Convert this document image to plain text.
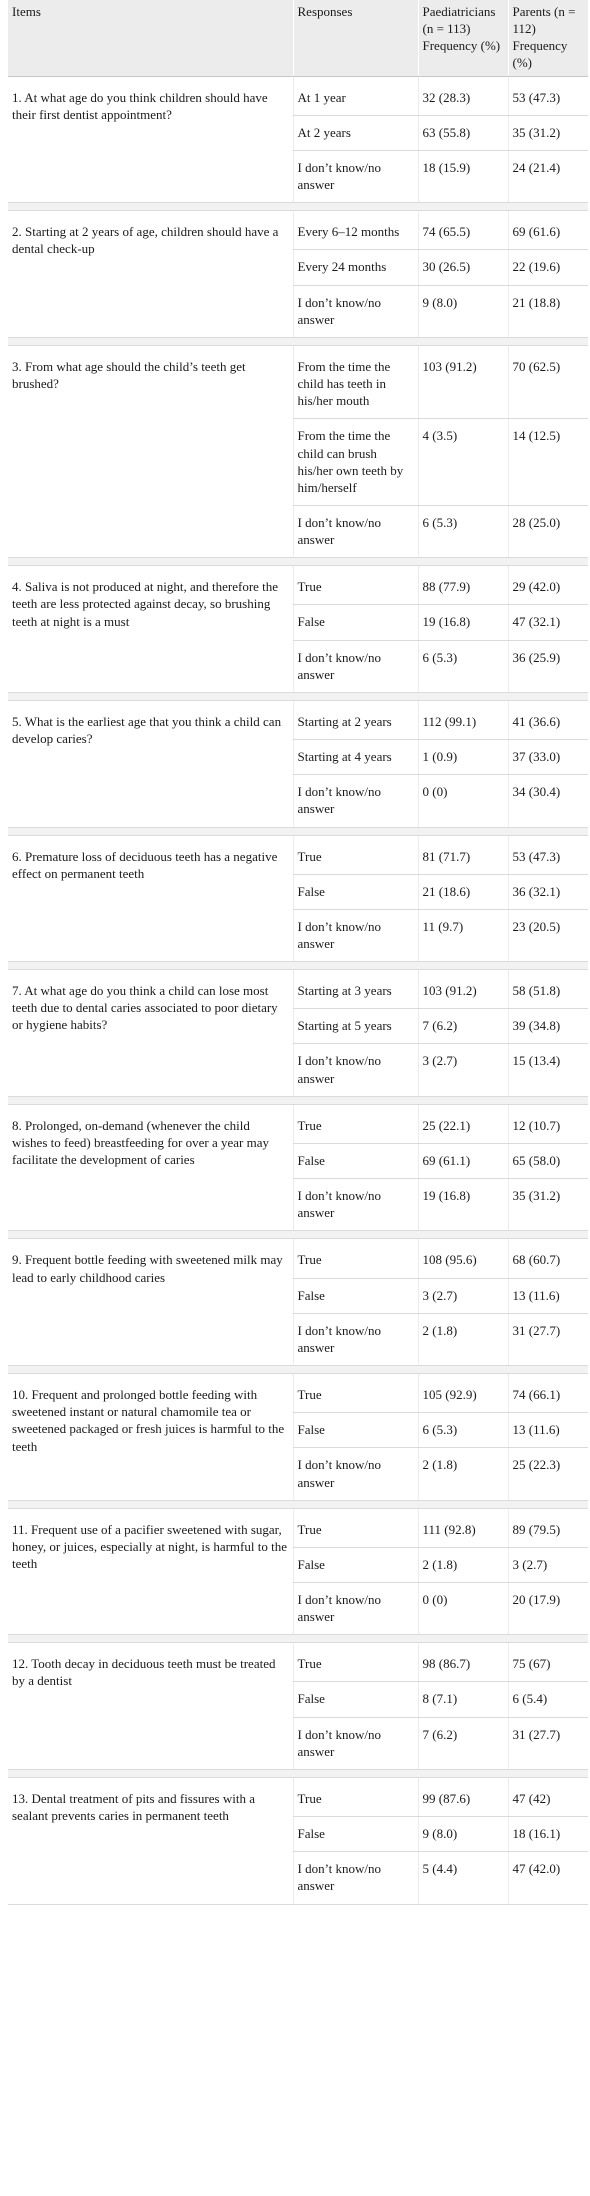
Items	Responses	Paediatricians (n = 113) Frequency (%)	Parents (n = 112) Frequency (%)
1. At what age do you think children should have their first dentist appointment?	At 1 year	32 (28.3)	53 (47.3)
	At 2 years	63 (55.8)	35 (31.2)
	I don’t know/no answer	18 (15.9)	24 (21.4)

2. Starting at 2 years of age, children should have a dental check-up	Every 6–12 months	74 (65.5)	69 (61.6)
	Every 24 months	30 (26.5)	22 (19.6)
	I don’t know/no answer	9 (8.0)	21 (18.8)

3. From what age should the child’s teeth get brushed?	From the time the child has teeth in his/her mouth	103 (91.2)	70 (62.5)
	From the time the child can brush his/her own teeth by him/herself	4 (3.5)	14 (12.5)
	I don’t know/no answer	6 (5.3)	28 (25.0)

4. Saliva is not produced at night, and therefore the teeth are less protected against decay, so brushing teeth at night is a must	True	88 (77.9)	29 (42.0)
	False	19 (16.8)	47 (32.1)
	I don’t know/no answer	6 (5.3)	36 (25.9)

5. What is the earliest age that you think a child can develop caries?	Starting at 2 years	112 (99.1)	41 (36.6)
	Starting at 4 years	1 (0.9)	37 (33.0)
	I don’t know/no answer	0 (0)	34 (30.4)

6. Premature loss of deciduous teeth has a negative effect on permanent teeth	True	81 (71.7)	53 (47.3)
	False	21 (18.6)	36 (32.1)
	I don’t know/no answer	11 (9.7)	23 (20.5)

7. At what age do you think a child can lose most teeth due to dental caries associated to poor dietary or hygiene habits?	Starting at 3 years	103 (91.2)	58 (51.8)
	Starting at 5 years	7 (6.2)	39 (34.8)
	I don’t know/no answer	3 (2.7)	15 (13.4)

8. Prolonged, on-demand (whenever the child wishes to feed) breastfeeding for over a year may facilitate the development of caries	True	25 (22.1)	12 (10.7)
	False	69 (61.1)	65 (58.0)
	I don’t know/no answer	19 (16.8)	35 (31.2)

9. Frequent bottle feeding with sweetened milk may lead to early childhood caries	True	108 (95.6)	68 (60.7)
	False	3 (2.7)	13 (11.6)
	I don’t know/no answer	2 (1.8)	31 (27.7)

10. Frequent and prolonged bottle feeding with sweetened instant or natural chamomile tea or sweetened packaged or fresh juices is harmful to the teeth	True	105 (92.9)	74 (66.1)
	False	6 (5.3)	13 (11.6)
	I don’t know/no answer	2 (1.8)	25 (22.3)

11. Frequent use of a pacifier sweetened with sugar, honey, or juices, especially at night, is harmful to the teeth	True	111 (92.8)	89 (79.5)
	False	2 (1.8)	3 (2.7)
	I don’t know/no answer	0 (0)	20 (17.9)

12. Tooth decay in deciduous teeth must be treated by a dentist	True	98 (86.7)	75 (67)
	False	8 (7.1)	6 (5.4)
	I don’t know/no answer	7 (6.2)	31 (27.7)

13. Dental treatment of pits and fissures with a sealant prevents caries in permanent teeth	True	99 (87.6)	47 (42)
	False	9 (8.0)	18 (16.1)
	I don’t know/no answer	5 (4.4)	47 (42.0)
